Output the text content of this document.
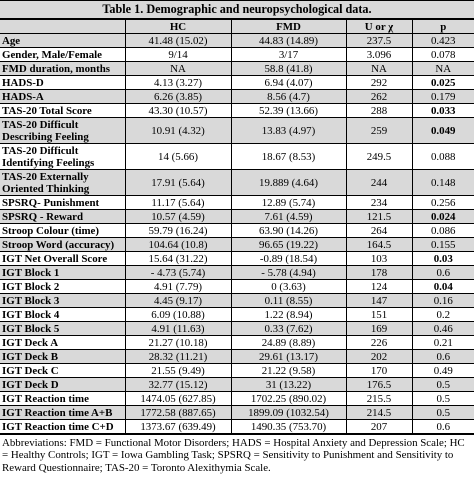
Table 1. Demographic and neuropsychological data.
	HC	FMD	U or χ	p
Age	41.48 (15.02)	44.83 (14.89)	237.5	0.423
Gender, Male/Female	9/14	3/17	3.096	0.078
FMD duration, months	NA	58.8 (41.8)	NA	NA
HADS-D	4.13 (3.27)	6.94 (4.07)	292	0.025
HADS-A	6.26 (3.85)	8.56 (4.7)	262	0.179
TAS-20 Total Score	43.30 (10.57)	52.39 (13.66)	288	0.033
TAS-20 Difficult Describing Feeling	10.91 (4.32)	13.83 (4.97)	259	0.049
TAS-20 Difficult Identifying Feelings	14 (5.66)	18.67 (8.53)	249.5	0.088
TAS-20 Externally Oriented Thinking	17.91 (5.64)	19.889 (4.64)	244	0.148
SPSRQ- Punishment	11.17 (5.64)	12.89 (5.74)	234	0.256
SPSRQ - Reward	10.57 (4.59)	7.61 (4.59)	121.5	0.024
Stroop Colour (time)	59.79 (16.24)	63.90 (14.26)	264	0.086
Stroop Word (accuracy)	104.64 (10.8)	96.65 (19.22)	164.5	0.155
IGT Net Overall Score	15.64 (31.22)	-0.89 (18.54)	103	0.03
IGT Block 1	- 4.73 (5.74)	- 5.78 (4.94)	178	0.6
IGT Block 2	4.91 (7.79)	0 (3.63)	124	0.04
IGT Block 3	4.45 (9.17)	0.11 (8.55)	147	0.16
IGT Block 4	6.09 (10.88)	1.22 (8.94)	151	0.2
IGT Block 5	4.91 (11.63)	0.33 (7.62)	169	0.46
IGT Deck A	21.27 (10.18)	24.89 (8.89)	226	0.21
IGT Deck B	28.32 (11.21)	29.61 (13.17)	202	0.6
IGT Deck C	21.55 (9.49)	21.22 (9.58)	170	0.49
IGT Deck D	32.77 (15.12)	31 (13.22)	176.5	0.5
IGT Reaction time	1474.05 (627.85)	1702.25 (890.02)	215.5	0.5
IGT Reaction time A+B	1772.58 (887.65)	1899.09 (1032.54)	214.5	0.5
IGT Reaction time C+D	1373.67 (639.49)	1490.35 (753.70)	207	0.6
Abbreviations: FMD = Functional Motor Disorders; HADS = Hospital Anxiety and Depression Scale; HC = Healthy Controls; IGT = Iowa Gambling Task; SPSRQ = Sensitivity to Punishment and Sensitivity to Reward Questionnaire; TAS-20 = Toronto Alexithymia Scale.
